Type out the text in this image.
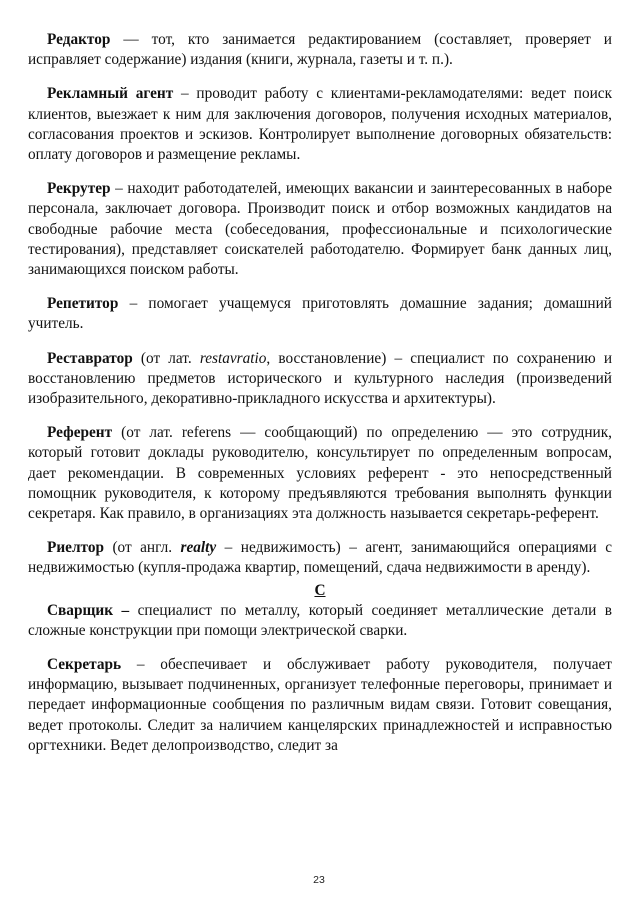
Редактор — тот, кто занимается редактированием (составляет, проверяет и исправляет содержание) издания (книги, журнала, газеты и т. п.).

Рекламный агент – проводит работу с клиентами-рекламодателями: ведет поиск клиентов, выезжает к ним для заключения договоров, получения исходных материалов, согласования проектов и эскизов. Контролирует выполнение договорных обязательств: оплату договоров и размещение рекламы.

Рекрутер – находит работодателей, имеющих вакансии и заинтересованных в наборе персонала, заключает договора. Производит поиск и отбор возможных кандидатов на свободные рабочие места (собеседования, профессиональные и психологические тестирования), представляет соискателей работодателю. Формирует банк данных лиц, занимающихся поиском работы.

Репетитор – помогает учащемуся приготовлять домашние задания; домашний учитель.

Реставратор (от лат. restavratio, восстановление) – специалист по сохранению и восстановлению предметов исторического и культурного наследия (произведений изобразительного, декоративно-прикладного искусства и архитектуры).

Референт (от лат. referens — сообщающий) по определению — это сотрудник, который готовит доклады руководителю, консультирует по определенным вопросам, дает рекомендации. В современных условиях референт - это непосредственный помощник руководителя, к которому предъявляются требования выполнять функции секретаря. Как правило, в организациях эта должность называется секретарь-референт.

Риелтор (от англ. realty – недвижимость) – агент, занимающийся операциями с недвижимостью (купля-продажа квартир, помещений, сдача недвижимости в аренду).

С

Сварщик – специалист по металлу, который соединяет металлические детали в сложные конструкции при помощи электрической сварки.

Секретарь – обеспечивает и обслуживает работу руководителя, получает информацию, вызывает подчиненных, организует телефонные переговоры, принимает и передает информационные сообщения по различным видам связи. Готовит совещания, ведет протоколы. Следит за наличием канцелярских принадлежностей и исправностью оргтехники. Ведет делопроизводство, следит за

23
